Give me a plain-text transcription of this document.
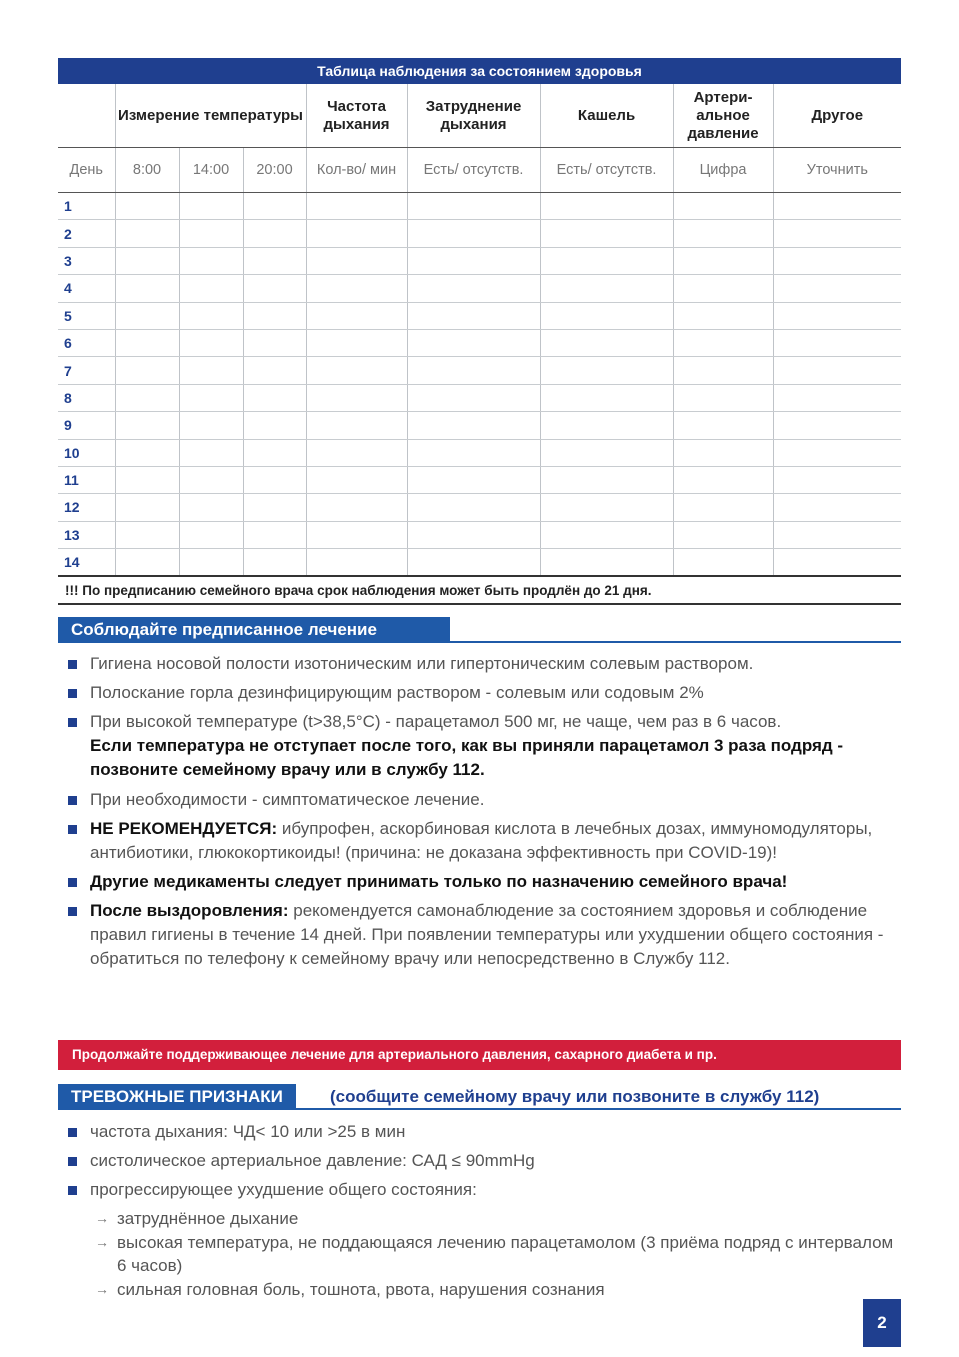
Таблица наблюдения за состоянием здоровья
	Измерение температуры			Частота дыхания	Затруднение дыхания	Кашель	Артери-альное давление	Другое
День	8:00	14:00	20:00	Кол-во/ мин	Есть/ отсутств.	Есть/ отсутств.	Цифра	Уточнить
1								
2								
3								
4								
5								
6								
7								
8								
9								
10								
11								
12								
13								
14								
!!! По предписанию семейного врача срок наблюдения может быть продлён до 21 дня.
Соблюдайте предписанное лечение
Гигиена носовой полости изотоническим или гипертоническим солевым раствором.
Полоскание горла дезинфицирующим раствором - солевым или содовым 2%
При высокой температуре (t>38,5°C) - парацетамол 500 мг, не чаще, чем раз в 6 часов.
Если температура не отступает после того, как вы приняли парацетамол 3 раза подряд - позвоните семейному врачу или в службу 112.
При необходимости - симптоматическое лечение.
НЕ РЕКОМЕНДУЕТСЯ: ибупрофен, аскорбиновая кислота в лечебных дозах, иммуномодуляторы, антибиотики, глюкокортикоиды! (причина: не доказана эффективность при COVID-19)!
Другие медикаменты следует принимать только по назначению семейного врача!
После выздоровления: рекомендуется самонаблюдение за состоянием здоровья и соблюдение правил гигиены в течение 14 дней. При появлении температуры или ухудшении общего состояния - обратиться по телефону к семейному врачу или непосредственно в Службу 112.
Продолжайте поддерживающее лечение для артериального давления, сахарного диабета и пр.
ТРЕВОЖНЫЕ ПРИЗНАКИ	(сообщите семейному врачу или позвоните в службу 112)
частота дыхания: ЧД< 10 или >25 в мин
систолическое артериальное давление: САД ≤ 90mmHg
прогрессирующее ухудшение общего состояния:
→ затруднённое дыхание
→ высокая температура, не поддающаяся лечению парацетамолом (3 приёма подряд с интервалом 6 часов)
→ сильная головная боль, тошнота, рвота, нарушения сознания
2
